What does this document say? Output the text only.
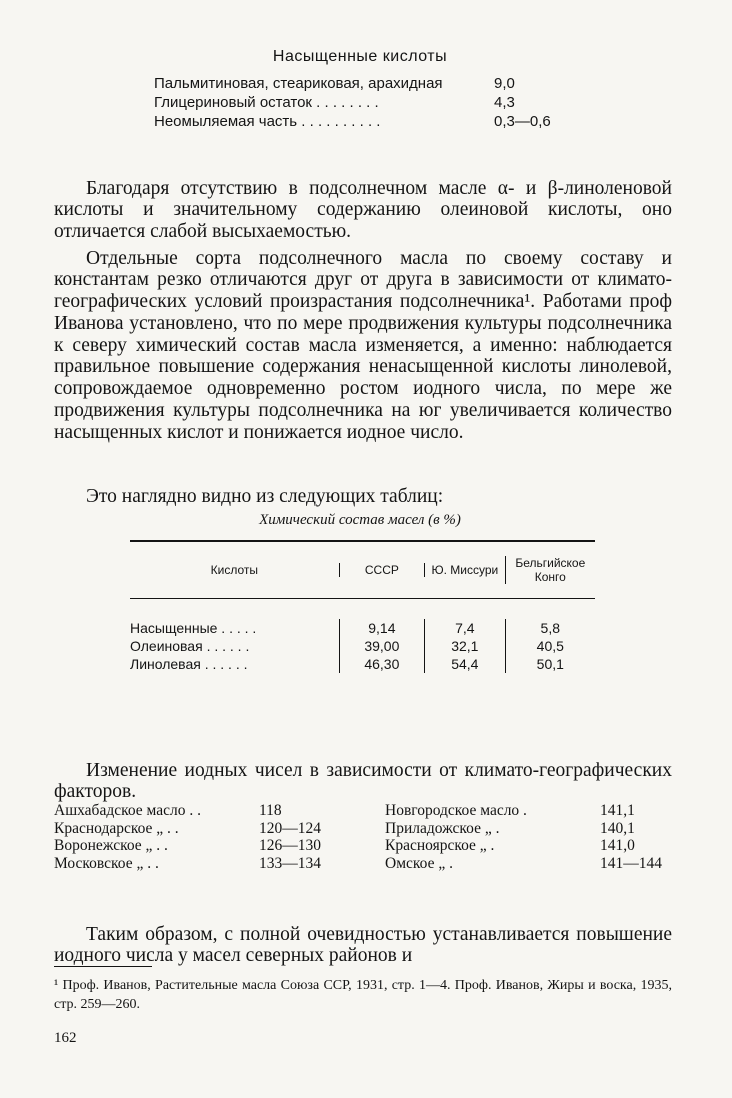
Насыщенные кислоты
Пальмитиновая, стеариковая, арахидная	9,0
Глицериновый остаток . . . . . . . .	4,3
Неомыляемая часть . . . . . . . . . .	0,3—0,6

Благодаря отсутствию в подсолнечном масле α- и β-линоленовой кислоты и значительному содержанию олеиновой кислоты, оно отличается слабой высыхаемостью.

Отдельные сорта подсолнечного масла по своему составу и константам резко отличаются друг от друга в зависимости от климато-географических условий произрастания подсолнечника¹. Работами проф Иванова установлено, что по мере продвижения культуры подсолнечника к северу химический состав масла изменяется, а именно: наблюдается правильное повышение содержания ненасыщенной кислоты линолевой, сопровождаемое одновременно ростом иодного числа, по мере же продвижения культуры подсолнечника на юг увеличивается количество насыщенных кислот и понижается иодное число.

Это наглядно видно из следующих таблиц:

Химический состав масел (в %)
Кислоты	СССР	Ю. Миссури	Бельгийское Конго
Насыщенные . . . . .	9,14	7,4	5,8
Олеиновая . . . . . .	39,00	32,1	40,5
Линолевая . . . . . .	46,30	54,4	50,1

Изменение иодных чисел в зависимости от климато-географических факторов.

Ашхабадское масло . .	118	Новгородское масло .	141,1
Краснодарское „ . .	120—124	Приладожское „ .	140,1
Воронежское „ . .	126—130	Красноярское „ .	141,0
Московское „ . .	133—134	Омское „ .	141—144

Таким образом, с полной очевидностью устанавливается повышение иодного числа у масел северных районов и

¹ Проф. Иванов, Растительные масла Союза ССР, 1931, стр. 1—4. Проф. Иванов, Жиры и воска, 1935, стр. 259—260.
162
